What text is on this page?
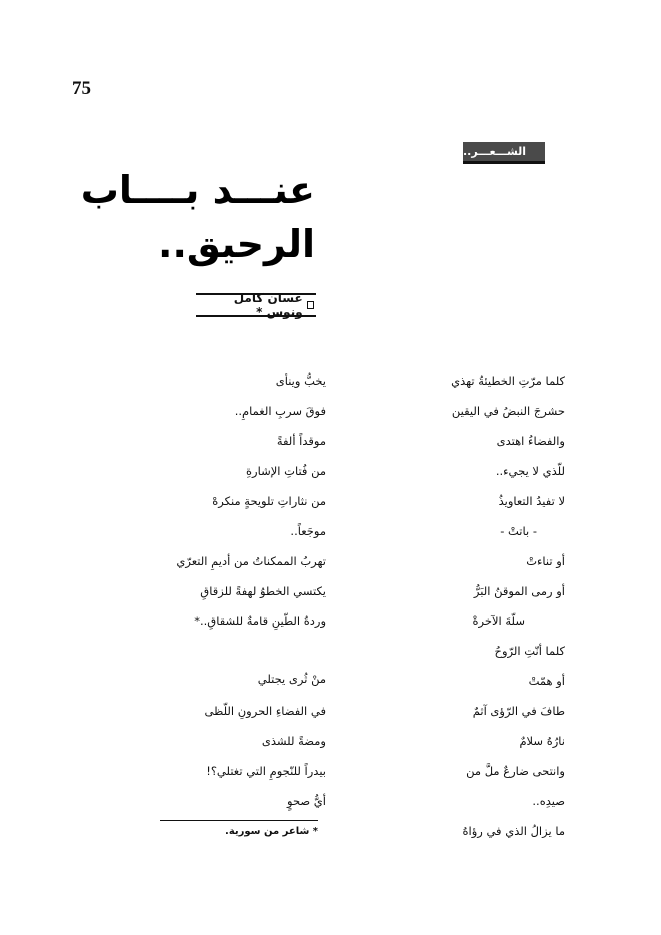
75
الشـــعـــر..
عنـــد بــــاب
الرحيق..
غسان كامل ونوس *
كلما مرّتِ الخطيئةُ تهذي
حشرجَ النبضُ في اليقين
والفضاءُ اهتدى
للّذي لا يجيء..
لا تفيدُ التعاويذُ
- باتتْ -
أو تناءتْ
أو رمى الموقنُ البَرُّ
سلّةَ الآخرةْ
كلما أنّتِ الرّوحُ
أو همّتْ
طافَ في الرّؤى آثمٌ
نارُهُ سلامٌ
وانتحى ضارعٌ ملَّ من
صيدِه..
ما يزالُ الذي في رؤاهُ
يخبُّ وينأى
فوقَ سربِ الغمامِ..
موقداً ألفةً
من فُتاتِ الإشارةِ
من نثاراتِ تلويحةٍ منكرهْ
موجَعاً..
تهربُ الممكناتُ من أديمِ التعرّي
يكتسي الخطوُ لهفةً للزقاقِ
وردةُ الطّينِ قامةٌ للشقاقِ..*
منْ ثُرى يجتلي
في الفضاءِ الحرونِ اللّظى
ومضةً للشذى
بيدراً للنّجومِ التي تغتلي؟!
أيُّ صحوٍ
* شاعر من سورية.
